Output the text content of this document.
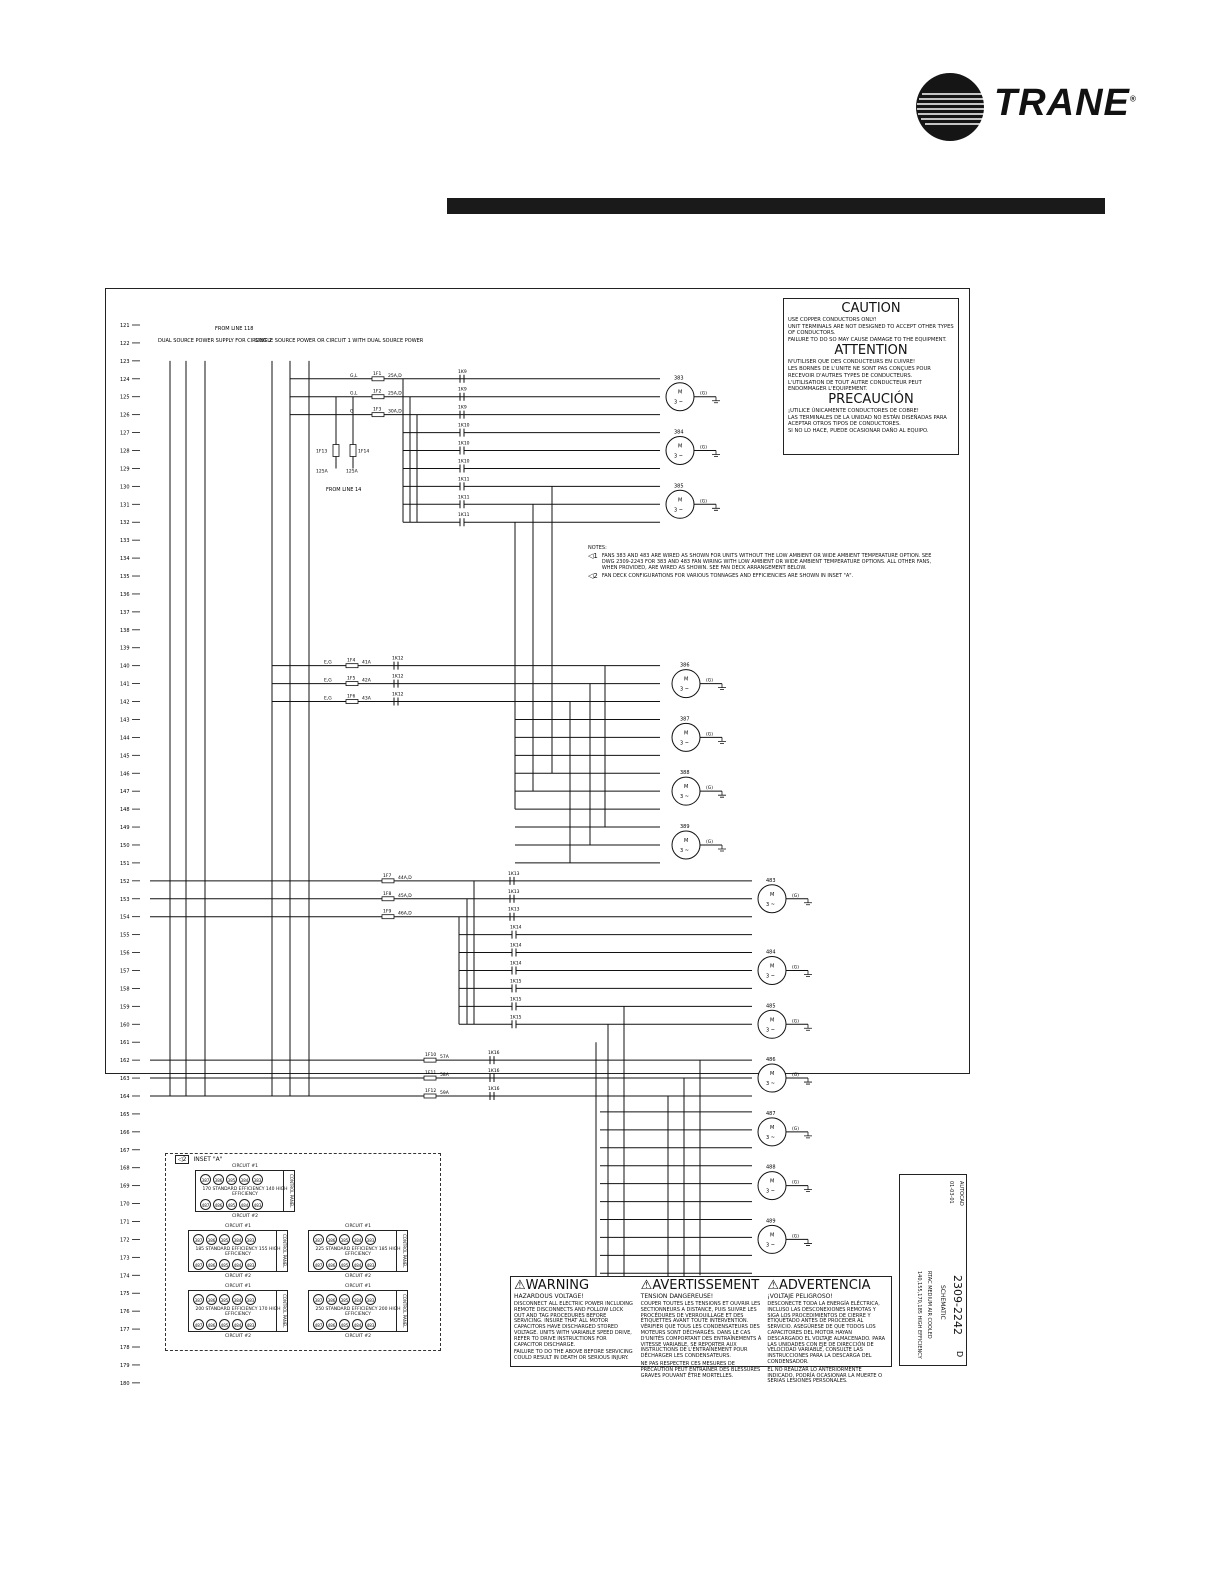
TRANE®
121
122
123
124
125
126
127
128
129
130
131
132
133
134
135
136
137
138
139
140
141
142
143
144
145
146
147
148
149
150
151
152
153
154
155
156
157
158
159
160
161
162
163
164
165
166
167
168
169
170
171
172
173
174
175
176
177
178
179
180
M
3 ~
383
(G)
M
3 ~
384
(G)
M
3 ~
385
(G)
M
3 ~
386
(G)
M
3 ~
387
(G)
M
3 ~
388
(G)
M
3 ~
389
(G)
M
3 ~
483
(G)
M
3 ~
484
(G)
M
3 ~
485
(G)
M
3 ~
486
(G)
M
3 ~
487
(G)
M
3 ~
488
(G)
M
3 ~
489
(G)
G,L	1F1 25A,D
1K9
G,L	1F2 25A,D
1K9
G	1F3 30A,D
1K9
1K10
1K10
1K10
1K11
1K11
1K11
1F13
125A
1F14
125A
E,G	1F4 41A
1K12
E,G	1F5 42A
1K12
E,G	1F6 43A
1K12
1F7 44A,D
1K13
1F8 45A,D
1K13
1F9 46A,D
1K13
1K14
1K14
1K14
1K15
1K15
1K15
1F10 57A
1K16
1F11 58A
1K16
1F12 59A
1K16
FROM LINE 118
DUAL SOURCE POWER SUPPLY FOR CIRCUIT 2
SINGLE SOURCE POWER OR CIRCUIT 1 WITH DUAL SOURCE POWER
FROM LINE 14
CAUTION
USE COPPER CONDUCTORS ONLY!
UNIT TERMINALS ARE NOT DESIGNED TO ACCEPT OTHER TYPES OF CONDUCTORS.
FAILURE TO DO SO MAY CAUSE DAMAGE TO THE EQUIPMENT.
ATTENTION
N'UTILISER QUE DES CONDUCTEURS EN CUIVRE!
LES BORNES DE L'UNITE NE SONT PAS CONÇUES POUR RECEVOIR D'AUTRES TYPES DE CONDUCTEURS.
L'UTILISATION DE TOUT AUTRE CONDUCTEUR PEUT ENDOMMAGER L'EQUIPEMENT.
PRECAUCIÓN
¡UTILICE ÚNICAMENTE CONDUCTORES DE COBRE!
LAS TERMINALES DE LA UNIDAD NO ESTÁN DISEÑADAS PARA ACEPTAR OTROS TIPOS DE CONDUCTORES.
SI NO LO HACE, PUEDE OCASIONAR DAÑO AL EQUIPO.
NOTES:
◁1 FANS 383 AND 483 ARE WIRED AS SHOWN FOR UNITS WITHOUT THE LOW AMBIENT OR WIDE AMBIENT TEMPERATURE OPTION. SEE DWG 2309-2243 FOR 383 AND 483 FAN WIRING WITH LOW AMBIENT OR WIDE AMBIENT TEMPERATURE OPTIONS. ALL OTHER FANS, WHEN PROVIDED, ARE WIRED AS SHOWN. SEE FAN DECK ARRANGEMENT BELOW.
◁2 FAN DECK CONFIGURATIONS FOR VARIOUS TONNAGES AND EFFICIENCIES ARE SHOWN IN INSET "A".
◁2	INSET "A"
CIRCUIT #1
387	386	385	384	383
170 STANDARD EFFICIENCY 140 HIGH EFFICIENCY
487	486	485	484	483
CIRCUIT #2
CONTROL PANEL
CIRCUIT #1
387	386	385	384	383
185 STANDARD EFFICIENCY 155 HIGH EFFICIENCY
487	486	485	484	483
CIRCUIT #2
CONTROL PANEL
CIRCUIT #1
387	386	385	384	383
225 STANDARD EFFICIENCY 185 HIGH EFFICIENCY
487	486	485	484	483
CIRCUIT #2
CONTROL PANEL
CIRCUIT #1
387	386	385	384	383
200 STANDARD EFFICIENCY 170 HIGH EFFICIENCY
487	486	485	484	483
CIRCUIT #2
CONTROL PANEL
CIRCUIT #1
387	386	385	384	383
250 STANDARD EFFICIENCY 200 HIGH EFFICIENCY
487	486	485	484	483
CIRCUIT #2
CONTROL PANEL
⚠WARNING
HAZARDOUS VOLTAGE!
DISCONNECT ALL ELECTRIC POWER INCLUDING REMOTE DISCONNECTS AND FOLLOW LOCK OUT AND TAG PROCEDURES BEFORE SERVICING. INSURE THAT ALL MOTOR CAPACITORS HAVE DISCHARGED STORED VOLTAGE. UNITS WITH VARIABLE SPEED DRIVE, REFER TO DRIVE INSTRUCTIONS FOR CAPACITOR DISCHARGE.
FAILURE TO DO THE ABOVE BEFORE SERVICING COULD RESULT IN DEATH OR SERIOUS INJURY.
⚠AVERTISSEMENT
TENSION DANGEREUSE!
COUPER TOUTES LES TENSIONS ET OUVRIR LES SECTIONNEURS A DISTANCE, PUIS SUIVRE LES PROCÉDURES DE VERROUILLAGE ET DES ÉTIQUETTES AVANT TOUTE INTERVENTION. VÉRIFIER QUE TOUS LES CONDENSATEURS DES MOTEURS SONT DÉCHARGÉS. DANS LE CAS D'UNITÉS COMPORTANT DES ENTRAÎNEMENTS À VITESSE VARIABLE, SE REPORTER AUX INSTRUCTIONS DE L'ENTRAÎNEMENT POUR DÉCHARGER LES CONDENSATEURS.
NE PAS RESPECTER CES MESURES DE PRÉCAUTION PEUT ENTRAÎNER DES BLESSURES GRAVES POUVANT ÊTRE MORTELLES.
⚠ADVERTENCIA
¡VOLTAJE PELIGROSO!
DESCONECTE TODA LA ENERGÍA ELÉCTRICA, INCLUSO LAS DESCONEXIONES REMOTAS Y SIGA LOS PROCEDIMIENTOS DE CIERRE Y ETIQUETADO ANTES DE PROCEDER AL SERVICIO. ASEGÚRESE DE QUE TODOS LOS CAPACITORES DEL MOTOR HAYAN DESCARGADO EL VOLTAJE ALMACENADO. PARA LAS UNIDADES CON EJE DE DIRECCIÓN DE VELOCIDAD VARIABLE, CONSULTE LAS INSTRUCCIONES PARA LA DESCARGA DEL CONDENSADOR.
EL NO REALIZAR LO ANTERIORMENTE INDICADO, PODRÍA OCASIONAR LA MUERTE O SERIAS LESIONES PERSONALES.
AUTOCAD
01-03-01
2309-2242
D
SCHEMATIC
RTAC MEDIUM AIR COOLED
140,155,170,185 HIGH EFFICIENCY
